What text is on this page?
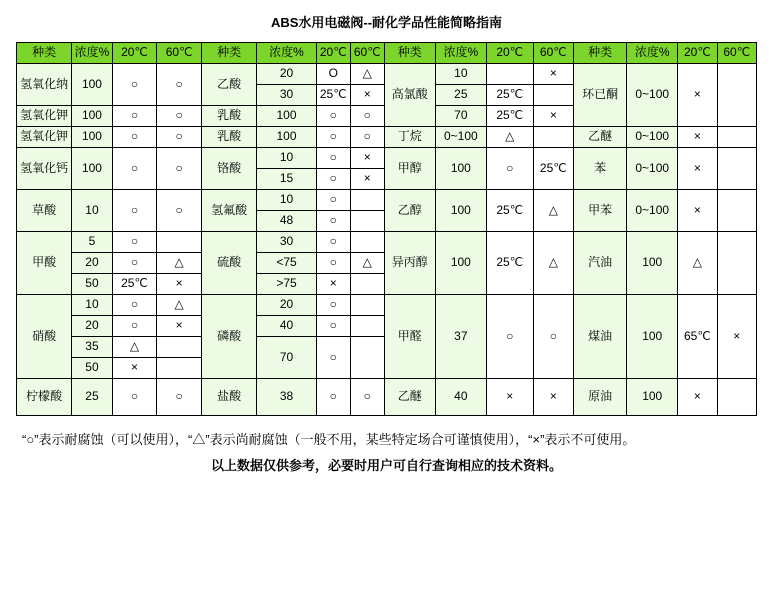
ABS水用电磁阀--耐化学品性能简略指南
种类	浓度%	20℃	60℃	种类	浓度%	20℃	60℃	种类	浓度%	20℃	60℃	种类	浓度%	20℃	60℃
氢氧化纳	100	○	○	乙酸	20	О	△	高氯酸	10		×	环已酮	0~100	×	
					30	25℃	×		25	25℃					
氢氧化钾	100	○	○	乳酸	100	○	○		70	25℃	×				
氢氧化钾	100	○	○	乳酸	100	○	○	丁烷	0~100	△		乙醚	0~100	×	
氢氧化钙	100	○	○	铬酸	10	○	×	甲醇	100	○	25℃	苯	0~100	×	
					15	○	×								
草酸	10	○	○	氢氟酸	10	○		乙醇	100	25℃	△	甲苯	0~100	×	
					48	○									
甲酸	5	○		硫酸	30	○		异丙醇	100	25℃	△	汽油	100	△	
	20	○	△		<75	○	△								
	50	25℃	×		>75	×									
硝酸	10	○	△	磷酸	20	○		甲醛	37	○	○	煤油	100	65℃	×
	20	○	×		40	○									
	35	△			70	○									
	50	×													
柠檬酸	25	○	○	盐酸	38	○	○	乙醚	40	×	×	原油	100	×	
“○”表示耐腐蚀（可以使用），“△”表示尚耐腐蚀（一般不用，某些特定场合可谨慎使用），“×”表示不可使用。
以上数据仅供参考，必要时用户可自行查询相应的技术资料。
